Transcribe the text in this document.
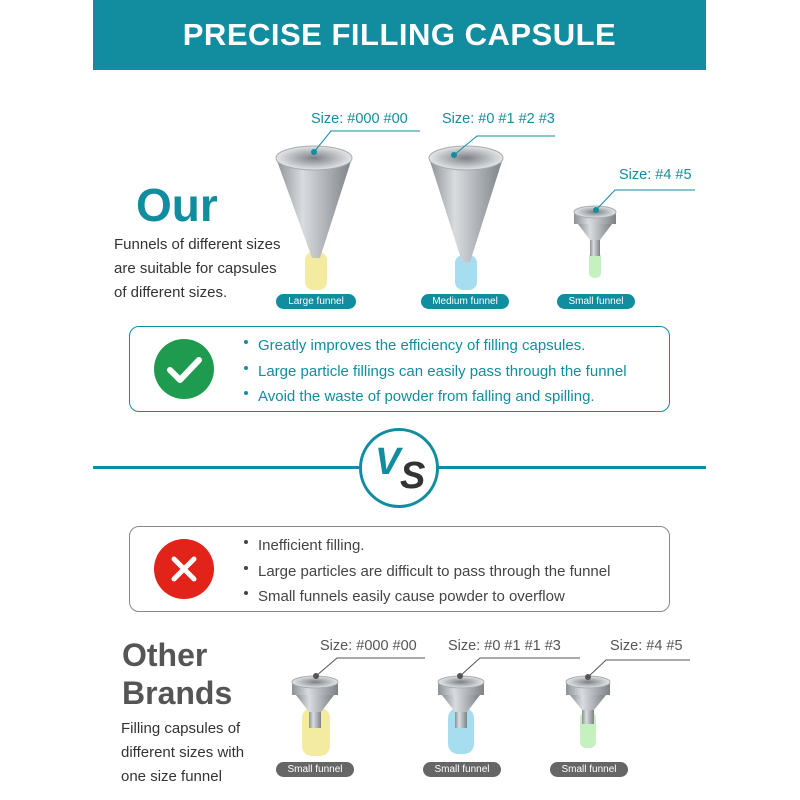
PRECISE FILLING CAPSULE
Our
Funnels of different sizes
are suitable for capsules
of different sizes.
Size: #000 #00 Size: #0 #1 #2 #3
Size: #4 #5
Large funnel	Medium funnel	Small funnel
Greatly improves the efficiency of filling capsules.
Large particle fillings can easily pass through the funnel
Avoid the waste of powder from falling and spilling.
V S
Inefficient filling.
Large particles are difficult to pass through the funnel
Small funnels easily cause powder to overflow
Other
Brands
Filling capsules of
different sizes with
one size funnel
Size: #000 #00 Size: #0 #1 #1 #3	Size: #4 #5
Small funnel	Small funnel	Small funnel
